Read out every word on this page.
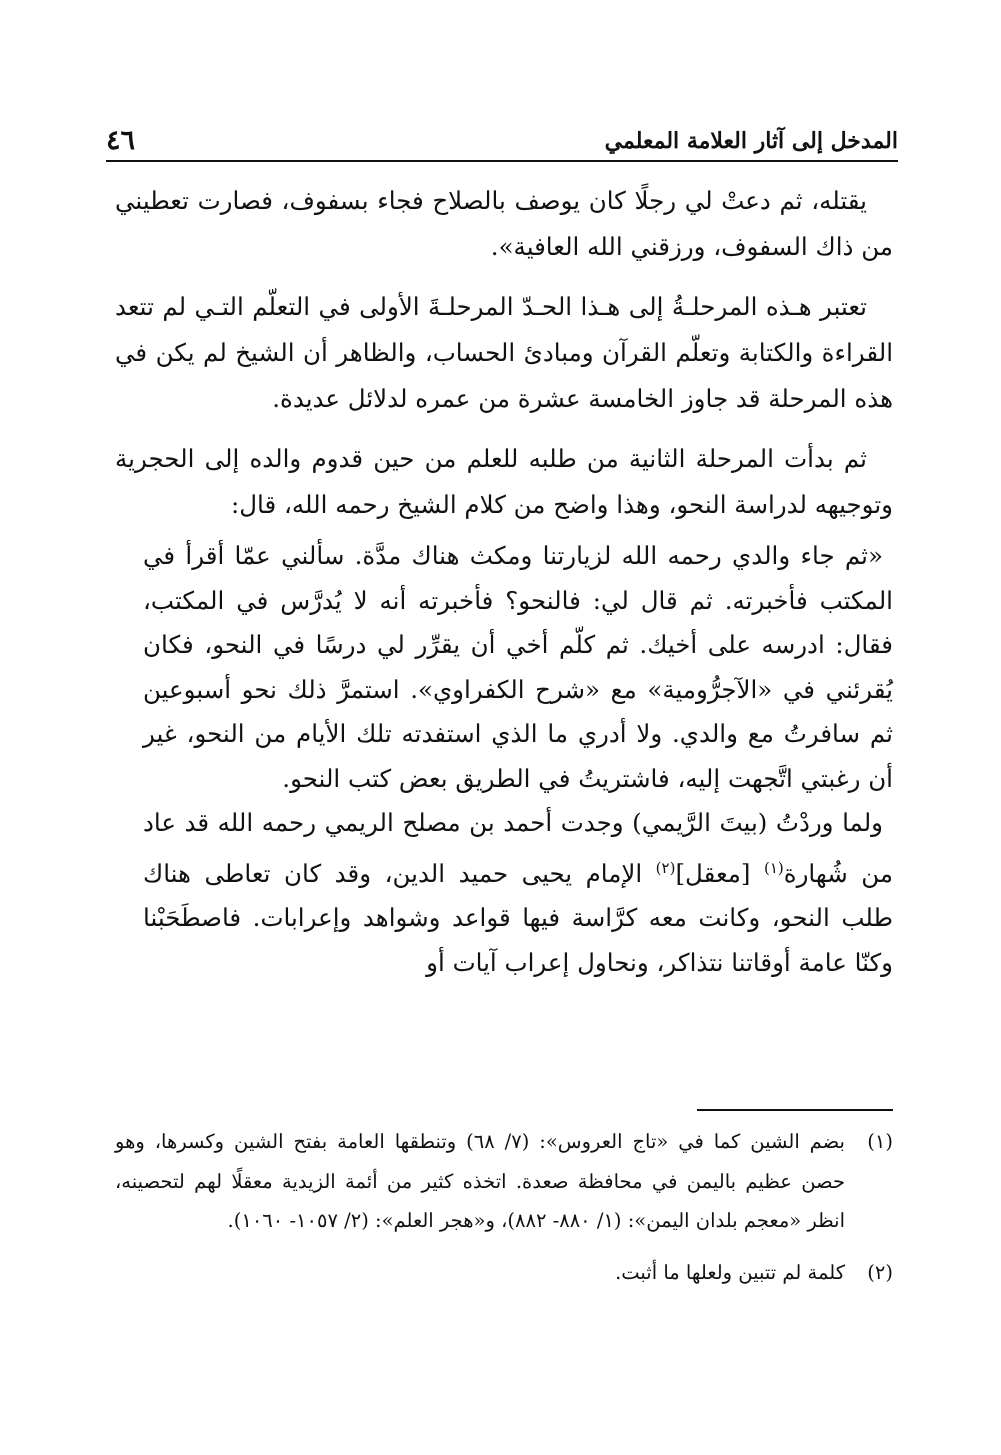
المدخل إلى آثار العلامة المعلمي
٤٦

يقتله، ثم دعتْ لي رجلًا كان يوصف بالصلاح فجاء بسفوف، فصارت تعطيني من ذاك السفوف، ورزقني الله العافية».

تعتبر هـذه المرحلـةُ إلى هـذا الحـدّ المرحلـةَ الأولى في التعلّم التـي لم تتعد القراءة والكتابة وتعلّم القرآن ومبادئ الحساب، والظاهر أن الشيخ لم يكن في هذه المرحلة قد جاوز الخامسة عشرة من عمره لدلائل عديدة.

ثم بدأت المرحلة الثانية من طلبه للعلم من حين قدوم والده إلى الحجرية وتوجيهه لدراسة النحو، وهذا واضح من كلام الشيخ رحمه الله، قال:

«ثم جاء والدي رحمه الله لزيارتنا ومكث هناك مدَّة. سألني عمّا أقرأ في المكتب فأخبرته. ثم قال لي: فالنحو؟ فأخبرته أنه لا يُدرَّس في المكتب، فقال: ادرسه على أخيك. ثم كلّم أخي أن يقرِّر لي درسًا في النحو، فكان يُقرئني في «الآجرُّومية» مع «شرح الكفراوي». استمرَّ ذلك نحو أسبوعين ثم سافرتُ مع والدي. ولا أدري ما الذي استفدته تلك الأيام من النحو، غير أن رغبتي اتَّجهت إليه، فاشتريتُ في الطريق بعض كتب النحو.

ولما وردْتُ (بيتَ الرَّيمي) وجدت أحمد بن مصلح الريمي رحمه الله قد عاد من شُهارة$^{(١)}$ [معقل]$^{(٢)}$ الإمام يحيى حميد الدين، وقد كان تعاطى هناك طلب النحو، وكانت معه كرَّاسة فيها قواعد وشواهد وإعرابات. فاصطَحَبْنا وكنّا عامة أوقاتنا نتذاكر، ونحاول إعراب آيات أو

(١)
بضم الشين كما في «تاج العروس»: (٧/ ٦٨) وتنطقها العامة بفتح الشين وكسرها، وهو حصن عظيم باليمن في محافظة صعدة. اتخذه كثير من أئمة الزيدية معقلًا لهم لتحصينه، انظر «معجم بلدان اليمن»: (١/ ٨٨٠- ٨٨٢)، و«هجر العلم»: (٢/ ١٠٥٧- ١٠٦٠).
(٢)
كلمة لم تتبين ولعلها ما أثبت.
